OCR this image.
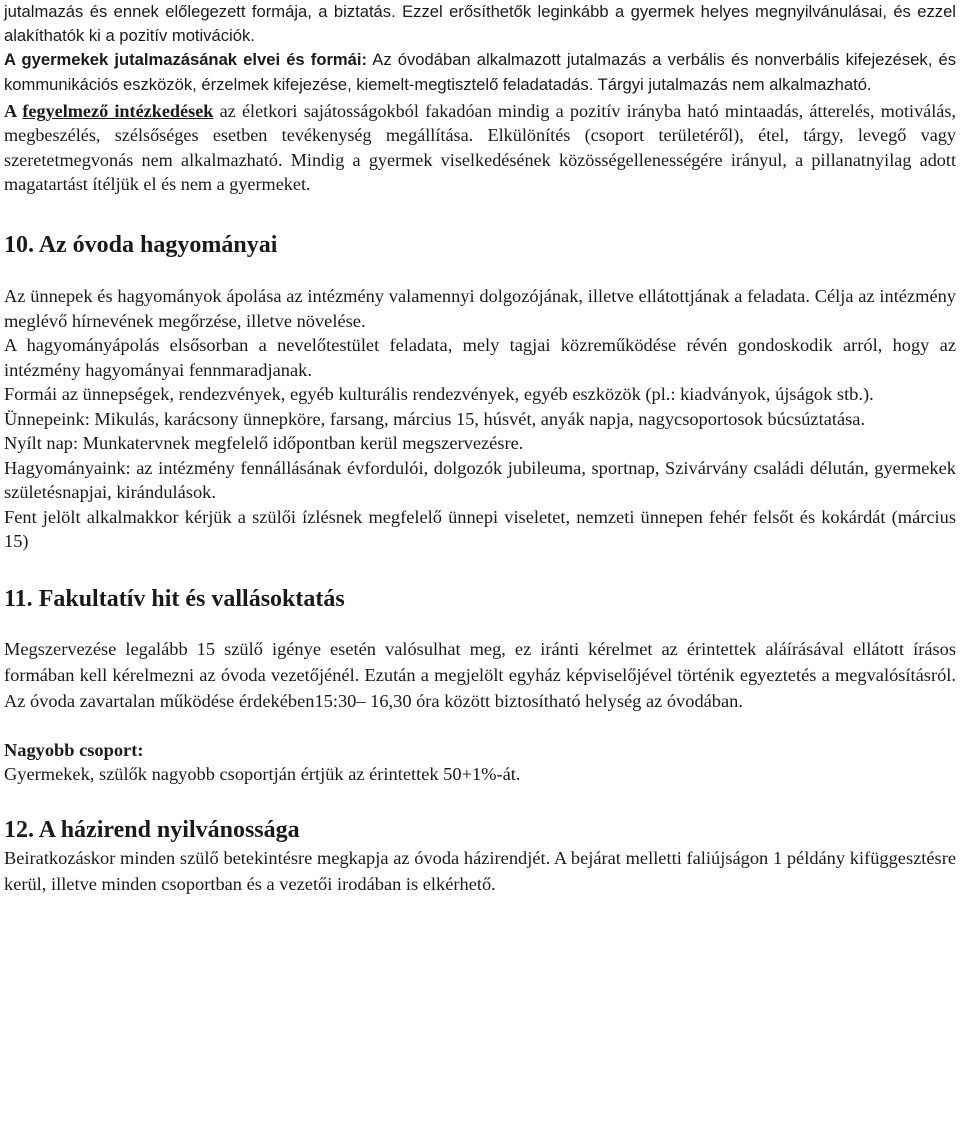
jutalmazás és ennek előlegezett formája, a biztatás. Ezzel erősíthetők leginkább a gyermek helyes megnyilvánulásai, és ezzel alakíthatók ki a pozitív motivációk.

A gyermekek jutalmazásának elvei és formái: Az óvodában alkalmazott jutalmazás a verbális és nonverbális kifejezések, és kommunikációs eszközök, érzelmek kifejezése, kiemelt-megtisztelő feladatadás. Tárgyi jutalmazás nem alkalmazható.

A fegyelmező intézkedések az életkori sajátosságokból fakadóan mindig a pozitív irányba ható mintaadás, átterelés, motiválás, megbeszélés, szélsőséges esetben tevékenység megállítása. Elkülönítés (csoport területéről), étel, tárgy, levegő vagy szeretetmegvonás nem alkalmazható. Mindig a gyermek viselkedésének közösségellenességére irányul, a pillanatnyilag adott magatartást ítéljük el és nem a gyermeket.

10. Az óvoda hagyományai

Az ünnepek és hagyományok ápolása az intézmény valamennyi dolgozójának, illetve ellátottjának a feladata. Célja az intézmény meglévő hírnevének megőrzése, illetve növelése.

A hagyományápolás elsősorban a nevelőtestület feladata, mely tagjai közreműködése révén gondoskodik arról, hogy az intézmény hagyományai fennmaradjanak.

Formái az ünnepségek, rendezvények, egyéb kulturális rendezvények, egyéb eszközök (pl.: kiadványok, újságok stb.).

Ünnepeink: Mikulás, karácsony ünnepköre, farsang, március 15, húsvét, anyák napja, nagycsoportosok búcsúztatása.

Nyílt nap: Munkatervnek megfelelő időpontban kerül megszervezésre.

Hagyományaink: az intézmény fennállásának évfordulói, dolgozók jubileuma, sportnap, Szivárvány családi délután, gyermekek születésnapjai, kirándulások.

Fent jelölt alkalmakkor kérjük a szülői ízlésnek megfelelő ünnepi viseletet, nemzeti ünnepen fehér felsőt és kokárdát (március 15)

11. Fakultatív hit és vallásoktatás

Megszervezése legalább 15 szülő igénye esetén valósulhat meg, ez iránti kérelmet az érintettek aláírásával ellátott írásos formában kell kérelmezni az óvoda vezetőjénél. Ezután a megjelölt egyház képviselőjével történik egyeztetés a megvalósításról. Az óvoda zavartalan működése érdekében15:30– 16,30 óra között biztosítható helység az óvodában.

Nagyobb csoport:

Gyermekek, szülők nagyobb csoportján értjük az érintettek 50+1%-át.

12. A házirend nyilvánossága

Beiratkozáskor minden szülő betekintésre megkapja az óvoda házirendjét. A bejárat melletti faliújságon 1 példány kifüggesztésre kerül, illetve minden csoportban és a vezetői irodában is elkérhető.
